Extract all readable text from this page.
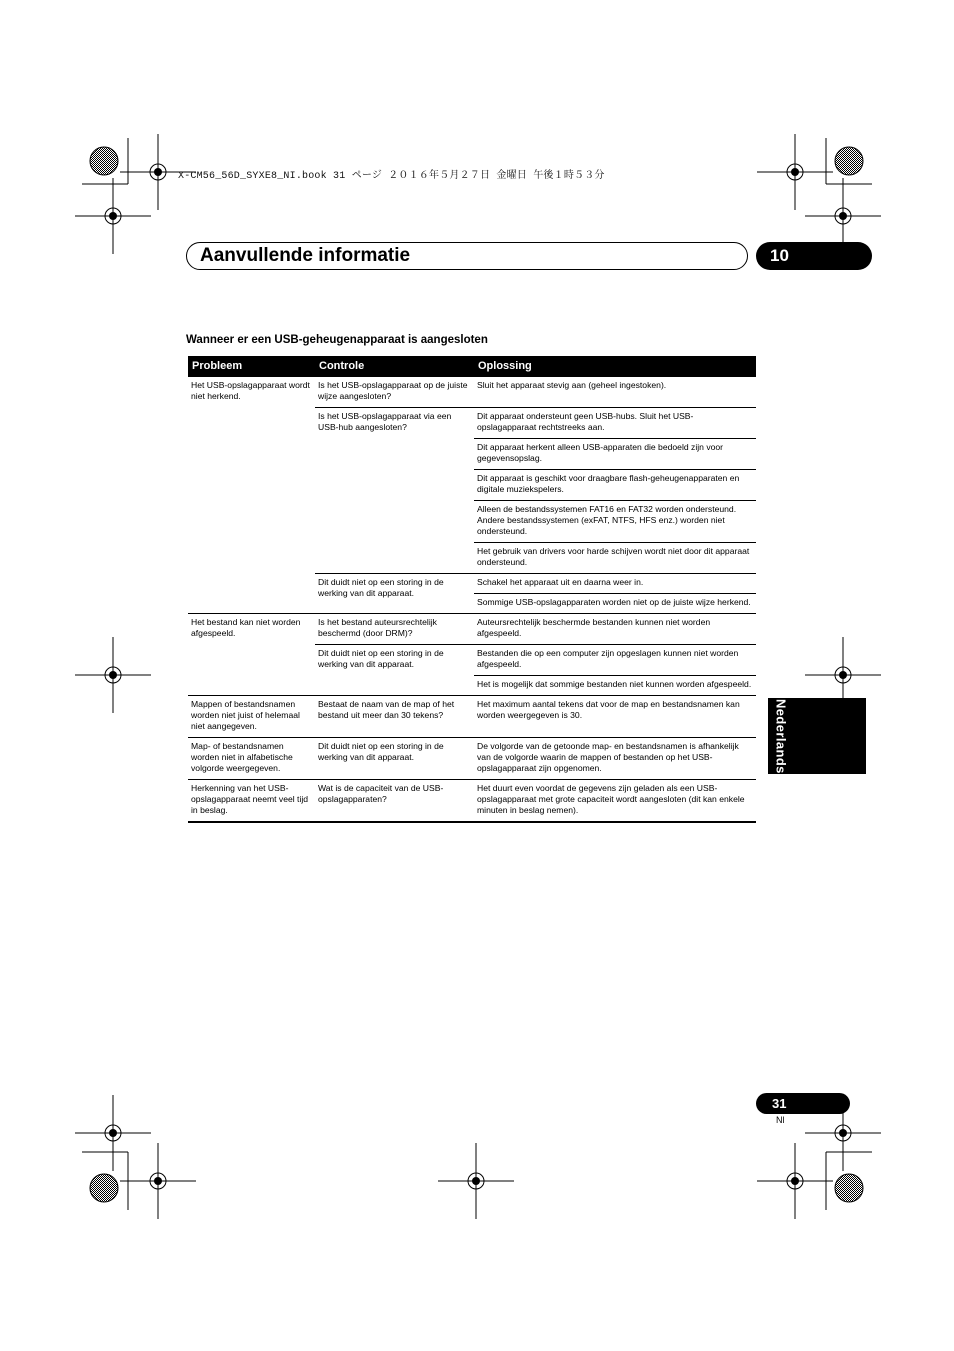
X-CM56_56D_SYXE8_NI.book 31 ページ ２０１６年５月２７日 金曜日 午後１時５３分
Aanvullende informatie	10
Wanneer er een USB-geheugenapparaat is aangesloten
Probleem	Controle	Oplossing
Het USB-opslagapparaat wordt niet herkend.	Is het USB-opslagapparaat op de juiste wijze aangesloten?	Sluit het apparaat stevig aan (geheel ingestoken).
	Is het USB-opslagapparaat via een USB-hub aangesloten?	Dit apparaat ondersteunt geen USB-hubs. Sluit het USB-opslagapparaat rechtstreeks aan.
		Dit apparaat herkent alleen USB-apparaten die bedoeld zijn voor gegevensopslag.
		Dit apparaat is geschikt voor draagbare flash-geheugenapparaten en digitale muziekspelers.
		Alleen de bestandssystemen FAT16 en FAT32 worden ondersteund. Andere bestandssystemen (exFAT, NTFS, HFS enz.) worden niet ondersteund.
		Het gebruik van drivers voor harde schijven wordt niet door dit apparaat ondersteund.
	Dit duidt niet op een storing in de werking van dit apparaat.	Schakel het apparaat uit en daarna weer in.
		Sommige USB-opslagapparaten worden niet op de juiste wijze herkend.
Het bestand kan niet worden afgespeeld.	Is het bestand auteursrechtelijk beschermd (door DRM)?	Auteursrechtelijk beschermde bestanden kunnen niet worden afgespeeld.
	Dit duidt niet op een storing in de werking van dit apparaat.	Bestanden die op een computer zijn opgeslagen kunnen niet worden afgespeeld.
		Het is mogelijk dat sommige bestanden niet kunnen worden afgespeeld.
Mappen of bestandsnamen worden niet juist of helemaal niet aangegeven.	Bestaat de naam van de map of het bestand uit meer dan 30 tekens?	Het maximum aantal tekens dat voor de map en bestandsnamen kan worden weergegeven is 30.
Map- of bestandsnamen worden niet in alfabetische volgorde weergegeven.	Dit duidt niet op een storing in de werking van dit apparaat.	De volgorde van de getoonde map- en bestandsnamen is afhankelijk van de volgorde waarin de mappen of bestanden op het USB-opslagapparaat zijn opgenomen.
Herkenning van het USB-opslagapparaat neemt veel tijd in beslag.	Wat is de capaciteit van de USB-opslagapparaten?	Het duurt even voordat de gegevens zijn geladen als een USB-opslagapparaat met grote capaciteit wordt aangesloten (dit kan enkele minuten in beslag nemen).
Nederlands
31
Nl
